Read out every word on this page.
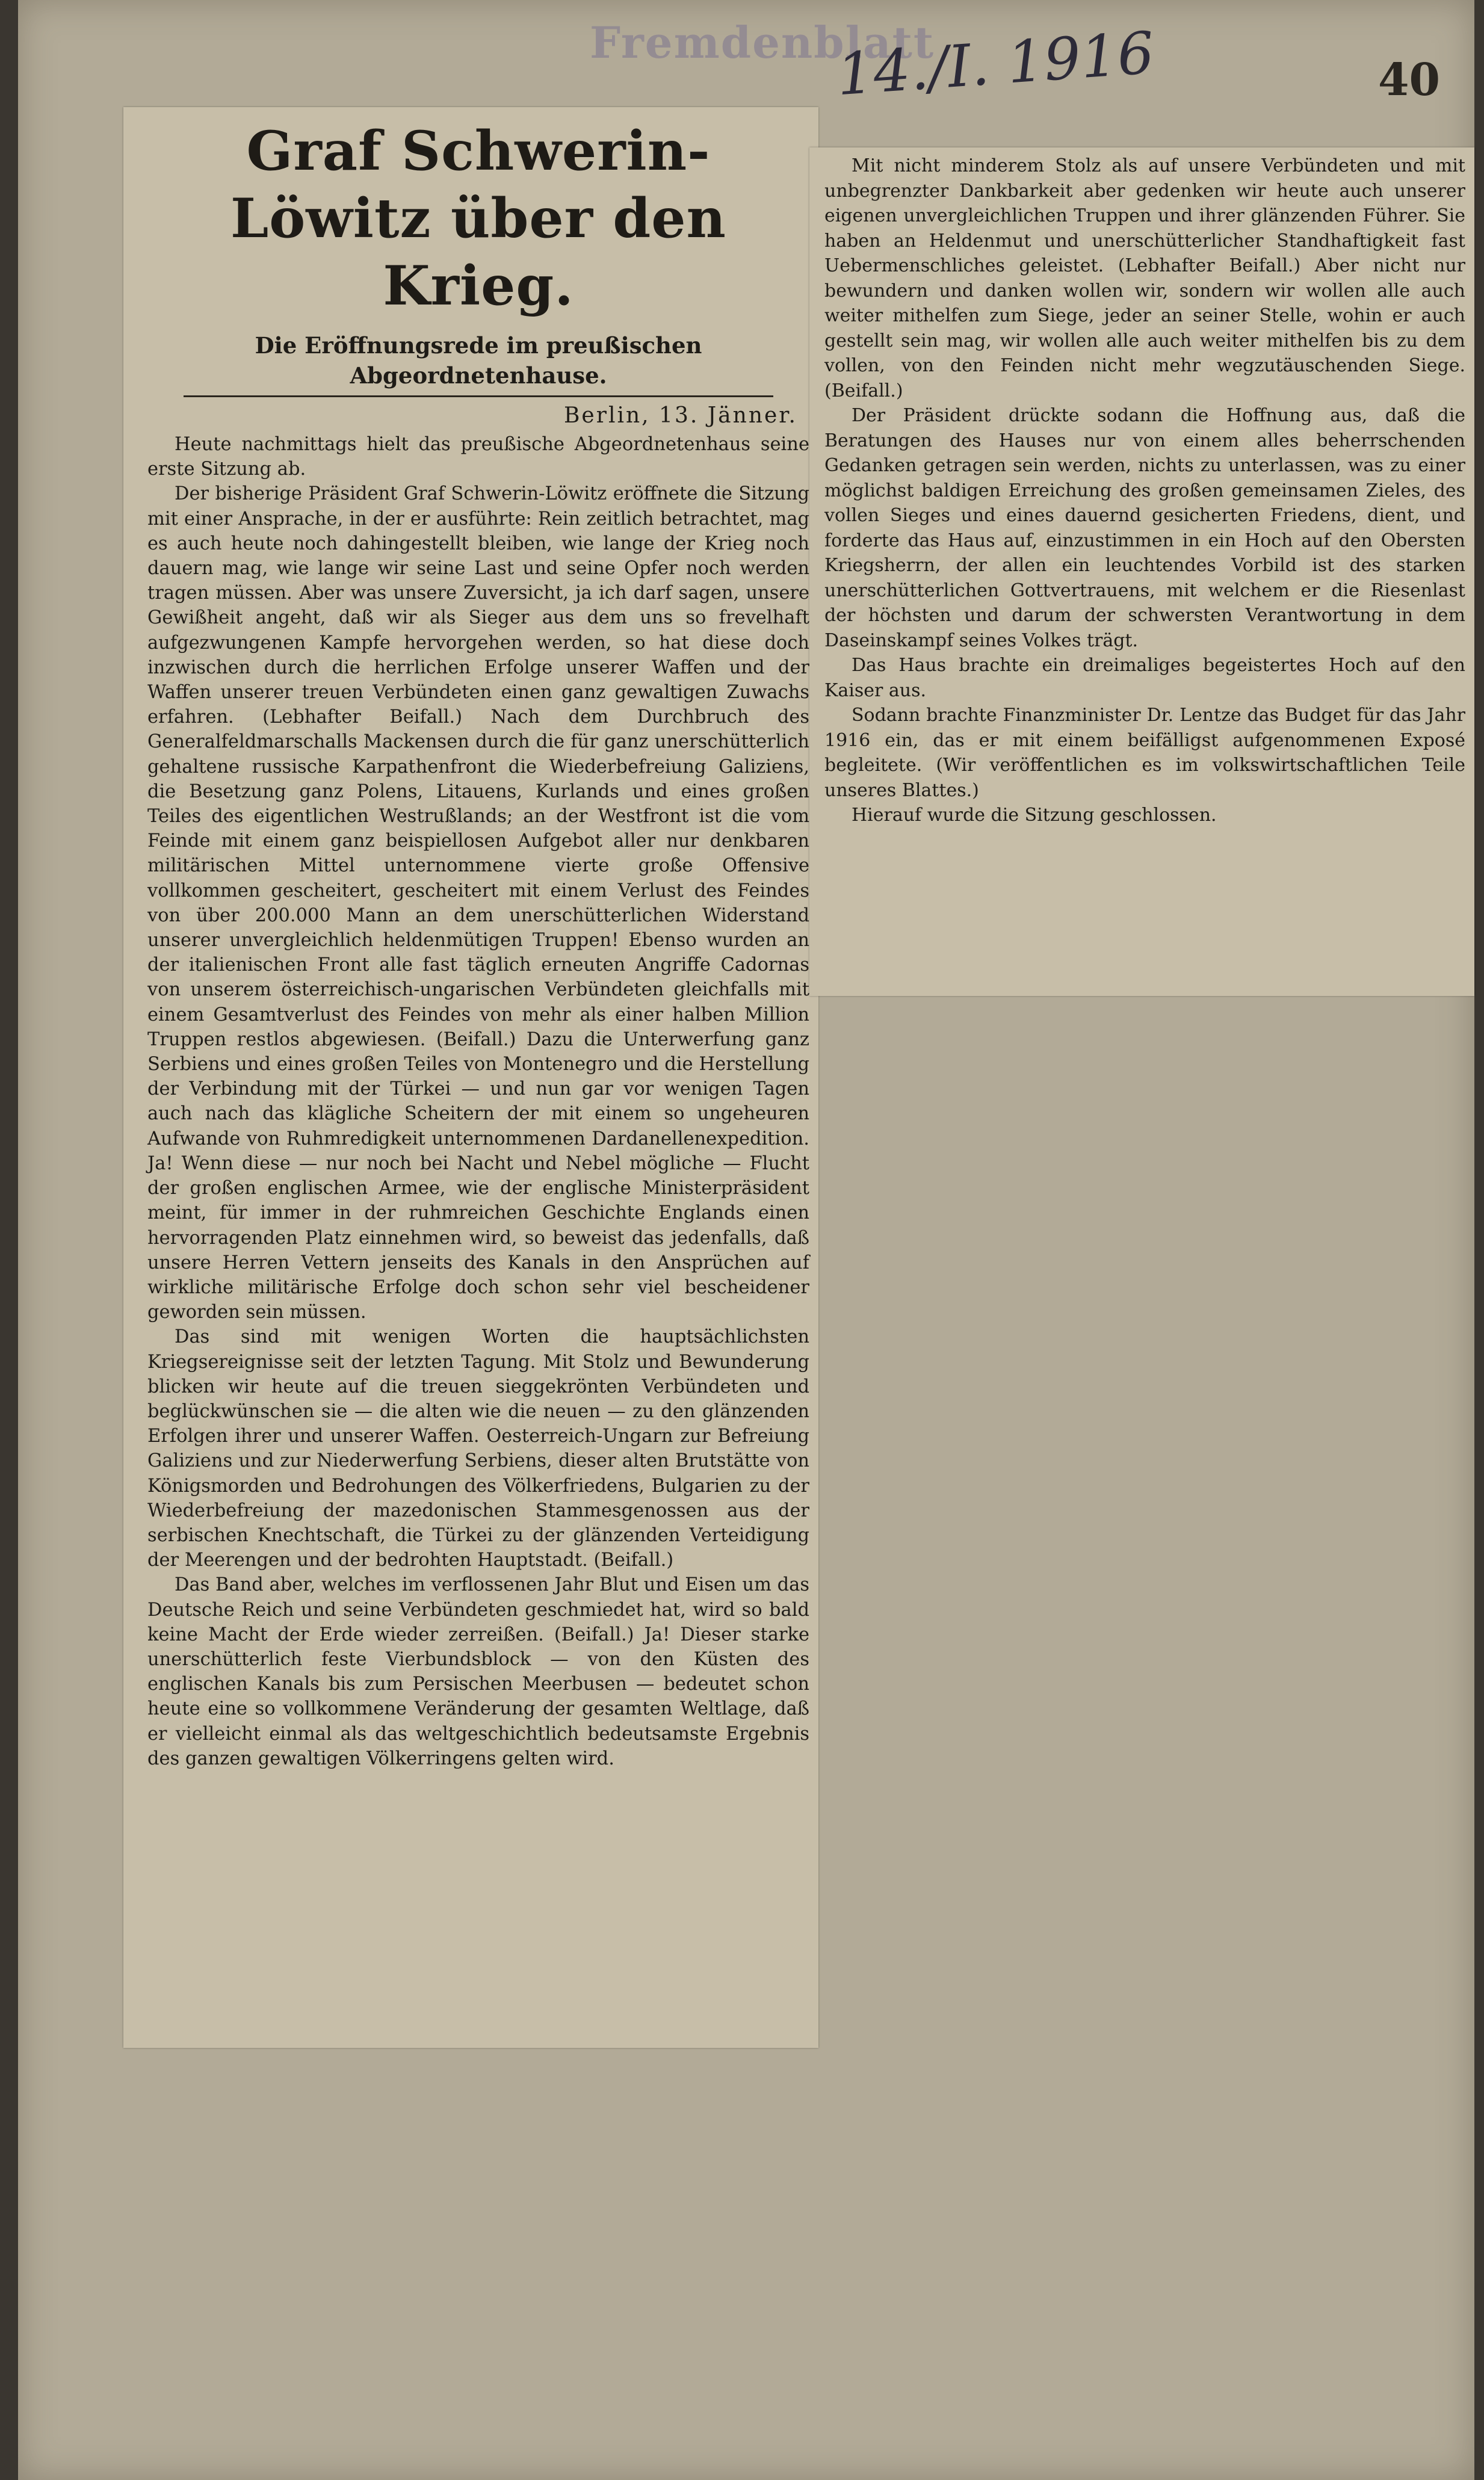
Fremdenblatt
14./I. 1916	40
Graf Schwerin-Löwitz über den Krieg.
Die Eröffnungsrede im preußischen Abgeordnetenhause.
Berlin, 13. Jänner.

Heute nachmittags hielt das preußische Abgeordnetenhaus seine erste Sitzung ab.

Der bisherige Präsident Graf Schwerin-Löwitz eröffnete die Sitzung mit einer Ansprache, in der er ausführte: Rein zeitlich betrachtet, mag es auch heute noch dahingestellt bleiben, wie lange der Krieg noch dauern mag, wie lange wir seine Last und seine Opfer noch werden tragen müssen. Aber was unsere Zuversicht, ja ich darf sagen, unsere Gewißheit angeht, daß wir als Sieger aus dem uns so frevelhaft aufgezwungenen Kampfe hervorgehen werden, so hat diese doch inzwischen durch die herrlichen Erfolge unserer Waffen und der Waffen unserer treuen Verbündeten einen ganz gewaltigen Zuwachs erfahren. (Lebhafter Beifall.) Nach dem Durchbruch des Generalfeldmarschalls Mackensen durch die für ganz unerschütterlich gehaltene russische Karpathenfront die Wiederbefreiung Galiziens, die Besetzung ganz Polens, Litauens, Kurlands und eines großen Teiles des eigentlichen Westrußlands; an der Westfront ist die vom Feinde mit einem ganz beispiellosen Aufgebot aller nur denkbaren militärischen Mittel unternommene vierte große Offensive vollkommen gescheitert, gescheitert mit einem Verlust des Feindes von über 200.000 Mann an dem unerschütterlichen Widerstand unserer unvergleichlich heldenmütigen Truppen! Ebenso wurden an der italienischen Front alle fast täglich erneuten Angriffe Cadornas von unserem österreichisch-ungarischen Verbündeten gleichfalls mit einem Gesamtverlust des Feindes von mehr als einer halben Million Truppen restlos abgewiesen. (Beifall.) Dazu die Unterwerfung ganz Serbiens und eines großen Teiles von Montenegro und die Herstellung der Verbindung mit der Türkei — und nun gar vor wenigen Tagen auch nach das klägliche Scheitern der mit einem so ungeheuren Aufwande von Ruhmredigkeit unternommenen Dardanellenexpedition. Ja! Wenn diese — nur noch bei Nacht und Nebel mögliche — Flucht der großen englischen Armee, wie der englische Ministerpräsident meint, für immer in der ruhmreichen Geschichte Englands einen hervorragenden Platz einnehmen wird, so beweist das jedenfalls, daß unsere Herren Vettern jenseits des Kanals in den Ansprüchen auf wirkliche militärische Erfolge doch schon sehr viel bescheidener geworden sein müssen.

Das sind mit wenigen Worten die hauptsächlichsten Kriegsereignisse seit der letzten Tagung. Mit Stolz und Bewunderung blicken wir heute auf die treuen sieggekrönten Verbündeten und beglückwünschen sie — die alten wie die neuen — zu den glänzenden Erfolgen ihrer und unserer Waffen. Oesterreich-Ungarn zur Befreiung Galiziens und zur Niederwerfung Serbiens, dieser alten Brutstätte von Königsmorden und Bedrohungen des Völkerfriedens, Bulgarien zu der Wiederbefreiung der mazedonischen Stammesgenossen aus der serbischen Knechtschaft, die Türkei zu der glänzenden Verteidigung der Meerengen und der bedrohten Hauptstadt. (Beifall.)

Das Band aber, welches im verflossenen Jahr Blut und Eisen um das Deutsche Reich und seine Verbündeten geschmiedet hat, wird so bald keine Macht der Erde wieder zerreißen. (Beifall.) Ja! Dieser starke unerschütterlich feste Vierbundsblock — von den Küsten des englischen Kanals bis zum Persischen Meerbusen — bedeutet schon heute eine so vollkommene Veränderung der gesamten Weltlage, daß er vielleicht einmal als das weltgeschichtlich bedeutsamste Ergebnis des ganzen gewaltigen Völkerringens gelten wird.

Mit nicht minderem Stolz als auf unsere Verbündeten und mit unbegrenzter Dankbarkeit aber gedenken wir heute auch unserer eigenen unvergleichlichen Truppen und ihrer glänzenden Führer. Sie haben an Heldenmut und unerschütterlicher Standhaftigkeit fast Uebermenschliches geleistet. (Lebhafter Beifall.) Aber nicht nur bewundern und danken wollen wir, sondern wir wollen alle auch weiter mithelfen zum Siege, jeder an seiner Stelle, wohin er auch gestellt sein mag, wir wollen alle auch weiter mithelfen bis zu dem vollen, von den Feinden nicht mehr wegzutäuschenden Siege. (Beifall.)

Der Präsident drückte sodann die Hoffnung aus, daß die Beratungen des Hauses nur von einem alles beherrschenden Gedanken getragen sein werden, nichts zu unterlassen, was zu einer möglichst baldigen Erreichung des großen gemeinsamen Zieles, des vollen Sieges und eines dauernd gesicherten Friedens, dient, und forderte das Haus auf, einzustimmen in ein Hoch auf den Obersten Kriegsherrn, der allen ein leuchtendes Vorbild ist des starken unerschütterlichen Gottvertrauens, mit welchem er die Riesenlast der höchsten und darum der schwersten Verantwortung in dem Daseinskampf seines Volkes trägt.

Das Haus brachte ein dreimaliges begeistertes Hoch auf den Kaiser aus.

Sodann brachte Finanzminister Dr. Lentze das Budget für das Jahr 1916 ein, das er mit einem beifälligst aufgenommenen Exposé begleitete. (Wir veröffentlichen es im volkswirtschaftlichen Teile unseres Blattes.)

Hierauf wurde die Sitzung geschlossen.
